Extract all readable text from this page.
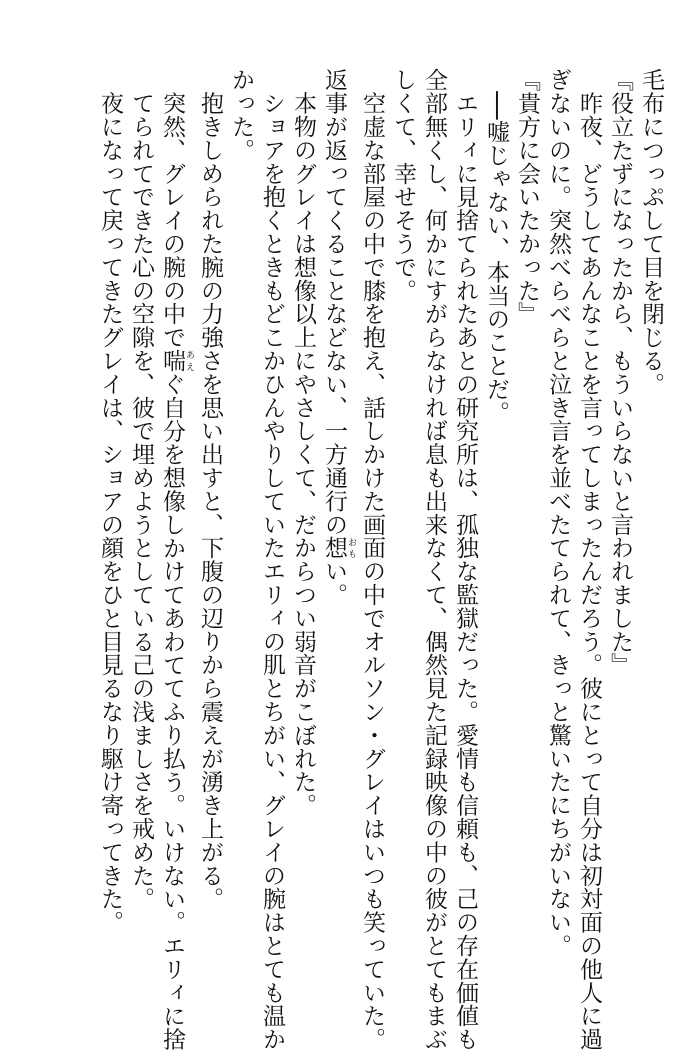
毛布につっぷして目を閉じる。
『役立たずになったから、もういらないと言われました』
　昨夜、どうしてあんなことを言ってしまったんだろう。彼にとって自分は初対面の他人に過
ぎないのに。突然べらべらと泣き言を並べたてられて、きっと驚いたにちがいない。
『貴方に会いたかった』
　──嘘じゃない、本当のことだ。
　エリィに見捨てられたあとの研究所は、孤独な監獄だった。愛情も信頼も、己の存在価値も
全部無くし、何かにすがらなければ息も出来なくて、偶然見た記録映像の中の彼がとてもまぶ
しくて、幸せそうで。
　空虚な部屋の中で膝を抱え、話しかけた画面の中でオルソン・グレイはいつも笑っていた。
返事が返ってくることなどない、一方通行の想 おもい。
　本物のグレイは想像以上にやさしくて、だからつい弱音がこぼれた。
　ショアを抱くときもどこかひんやりしていたエリィの肌とちがい、グレイの腕はとても温か
かった。
　抱きしめられた腕の力強さを思い出すと、下腹の辺りから震えが湧き上がる。
　突然、グレイの腕の中で喘 あえぐ自分を想像しかけてあわててふり払う。いけない。エリィに捨
　てられてできた心の空隙を、彼で埋めようとしている己の浅ましさを戒めた。
　夜になって戻ってきたグレイは、ショアの顔をひと目見るなり駆け寄ってきた。
